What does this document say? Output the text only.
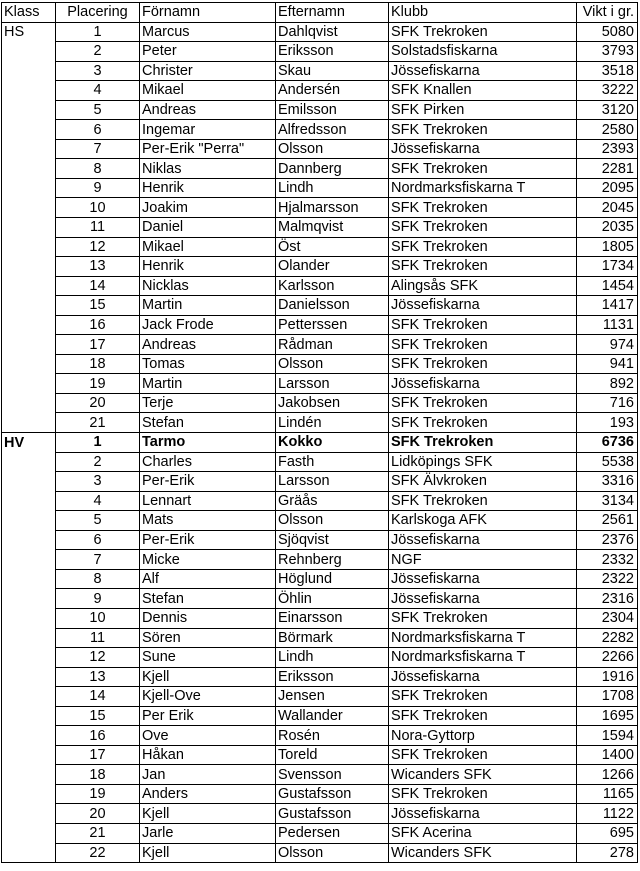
Klass	Placering	Förnamn	Efternamn	Klubb	Vikt i gr.
HS	1	Marcus	Dahlqvist	SFK Trekroken	5080
	2	Peter	Eriksson	Solstadsfiskarna	3793
	3	Christer	Skau	Jössefiskarna	3518
	4	Mikael	Andersén	SFK Knallen	3222
	5	Andreas	Emilsson	SFK Pirken	3120
	6	Ingemar	Alfredsson	SFK Trekroken	2580
	7	Per-Erik "Perra"	Olsson	Jössefiskarna	2393
	8	Niklas	Dannberg	SFK Trekroken	2281
	9	Henrik	Lindh	Nordmarksfiskarna T	2095
	10	Joakim	Hjalmarsson	SFK Trekroken	2045
	11	Daniel	Malmqvist	SFK Trekroken	2035
	12	Mikael	Öst	SFK Trekroken	1805
	13	Henrik	Olander	SFK Trekroken	1734
	14	Nicklas	Karlsson	Alingsås SFK	1454
	15	Martin	Danielsson	Jössefiskarna	1417
	16	Jack Frode	Petterssen	SFK Trekroken	1131
	17	Andreas	Rådman	SFK Trekroken	974
	18	Tomas	Olsson	SFK Trekroken	941
	19	Martin	Larsson	Jössefiskarna	892
	20	Terje	Jakobsen	SFK Trekroken	716
	21	Stefan	Lindén	SFK Trekroken	193
HV	1	Tarmo	Kokko	SFK Trekroken	6736
	2	Charles	Fasth	Lidköpings SFK	5538
	3	Per-Erik	Larsson	SFK Älvkroken	3316
	4	Lennart	Gräås	SFK Trekroken	3134
	5	Mats	Olsson	Karlskoga AFK	2561
	6	Per-Erik	Sjöqvist	Jössefiskarna	2376
	7	Micke	Rehnberg	NGF	2332
	8	Alf	Höglund	Jössefiskarna	2322
	9	Stefan	Öhlin	Jössefiskarna	2316
	10	Dennis	Einarsson	SFK Trekroken	2304
	11	Sören	Börmark	Nordmarksfiskarna T	2282
	12	Sune	Lindh	Nordmarksfiskarna T	2266
	13	Kjell	Eriksson	Jössefiskarna	1916
	14	Kjell-Ove	Jensen	SFK Trekroken	1708
	15	Per Erik	Wallander	SFK Trekroken	1695
	16	Ove	Rosén	Nora-Gyttorp	1594
	17	Håkan	Toreld	SFK Trekroken	1400
	18	Jan	Svensson	Wicanders SFK	1266
	19	Anders	Gustafsson	SFK Trekroken	1165
	20	Kjell	Gustafsson	Jössefiskarna	1122
	21	Jarle	Pedersen	SFK Acerina	695
	22	Kjell	Olsson	Wicanders SFK	278
